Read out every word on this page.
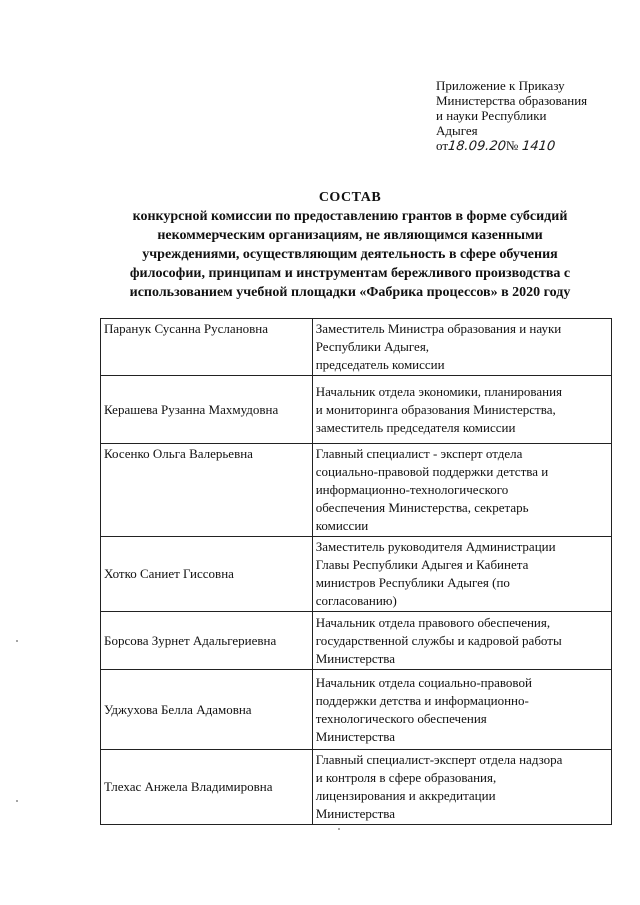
Приложение к Приказу
Министерства образования
и науки Республики
Адыгея
от18.09.20№ 1410
СОСТАВ
конкурсной комиссии по предоставлению грантов в форме субсидий
некоммерческим организациям, не являющимся казенными
учреждениями, осуществляющим деятельность в сфере обучения
философии, принципам и инструментам бережливого производства с
использованием учебной площадки «Фабрика процессов» в 2020 году
Паранук Сусанна Руслановна	Заместитель Министра образования и науки
Республики Адыгея,
председатель комиссии

Керашева Рузанна Махмудовна	Начальник отдела экономики, планирования
и мониторинга образования Министерства,
заместитель председателя комиссии

Косенко Ольга Валерьевна	Главный специалист - эксперт отдела
социально-правовой поддержки детства и
информационно-технологического
обеспечения Министерства, секретарь
комиссии

Хотко Саниет Гиссовна	Заместитель руководителя Администрации
Главы Республики Адыгея и Кабинета
министров Республики Адыгея (по
согласованию)

Борсова Зурнет Адальгериевна	Начальник отдела правового обеспечения,
государственной службы и кадровой работы
Министерства

Уджухова Белла Адамовна	Начальник отдела социально-правовой
поддержки детства и информационно-
технологического обеспечения
Министерства

Тлехас Анжела Владимировна	Главный специалист-эксперт отдела надзора
и контроля в сфере образования,
лицензирования и аккредитации
Министерства
